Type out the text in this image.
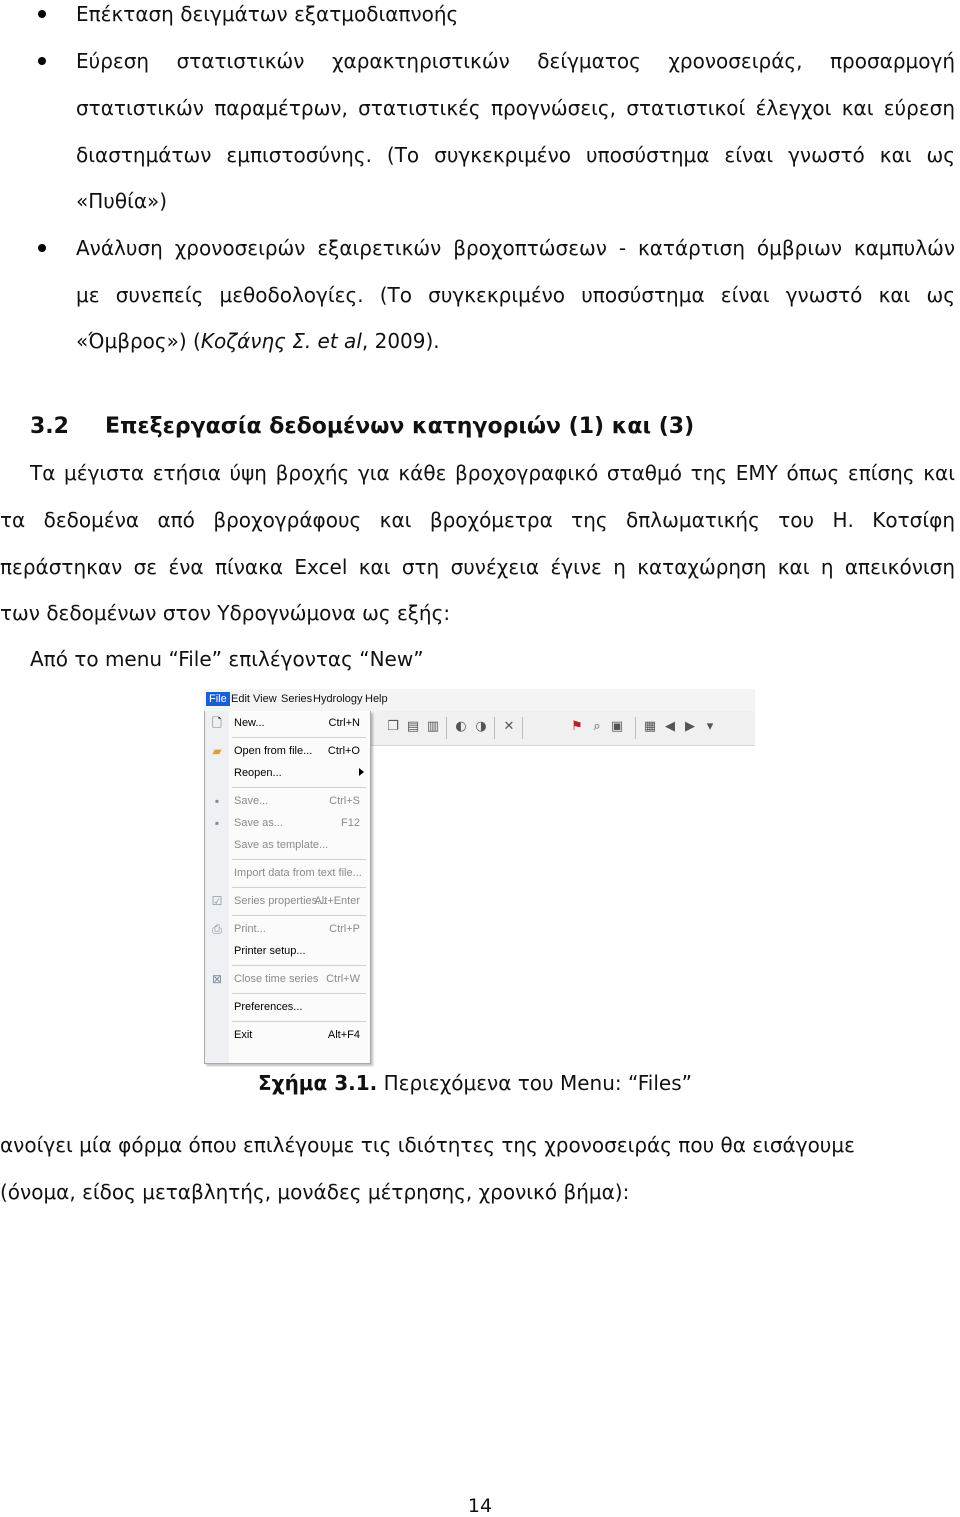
Επέκταση δειγμάτων εξατμοδιαπνοής
Εύρεση στατιστικών χαρακτηριστικών δείγματος χρονοσειράς, προσαρμογή
στατιστικών παραμέτρων, στατιστικές προγνώσεις, στατιστικοί έλεγχοι και εύρεση
διαστημάτων εμπιστοσύνης. (Το συγκεκριμένο υποσύστημα είναι γνωστό και ως
«Πυθία»)
Ανάλυση χρονοσειρών εξαιρετικών βροχοπτώσεων - κατάρτιση όμβριων καμπυλών
με συνεπείς μεθοδολογίες. (Το συγκεκριμένο υποσύστημα είναι γνωστό και ως
«Όμβρος») (Κοζάνης Σ. et al, 2009).
3.2 Επεξεργασία δεδομένων κατηγοριών (1) και (3)
Τα μέγιστα ετήσια ύψη βροχής για κάθε βροχογραφικό σταθμό της ΕΜΥ όπως επίσης και
τα δεδομένα από βροχογράφους και βροχόμετρα της δπλωματικής του Η. Κοτσίφη
περάστηκαν σε ένα πίνακα Excel και στη συνέχεια έγινε η καταχώρηση και η απεικόνιση
των δεδομένων στον Υδρογνώμονα ως εξής:
Από το menu “File” επιλέγοντας “New”
File Edit View Series Hydrology Help
❐ ▤ ▥ ◐ ◑ ✕	⚑ ⌕ ▣ ▦ ◀ ▶ ▾
🗋 New...	Ctrl+N
▰ Open from file... Ctrl+O
Reopen...
▪	Save...	Ctrl+S
▪	Save as...	F12
Save as template...
Import data from text file...
☑ Series properties...
Alt+Enter
⎙ Print...	Ctrl+P
Printer setup...
⊠ Close time series Ctrl+W
Preferences...
Exit	Alt+F4
Σχήμα 3.1. Περιεχόμενα του Menu: “Files”
ανοίγει μία φόρμα όπου επιλέγουμε τις ιδιότητες της χρονοσειράς που θα εισάγουμε
(όνομα, είδος μεταβλητής, μονάδες μέτρησης, χρονικό βήμα):
14
